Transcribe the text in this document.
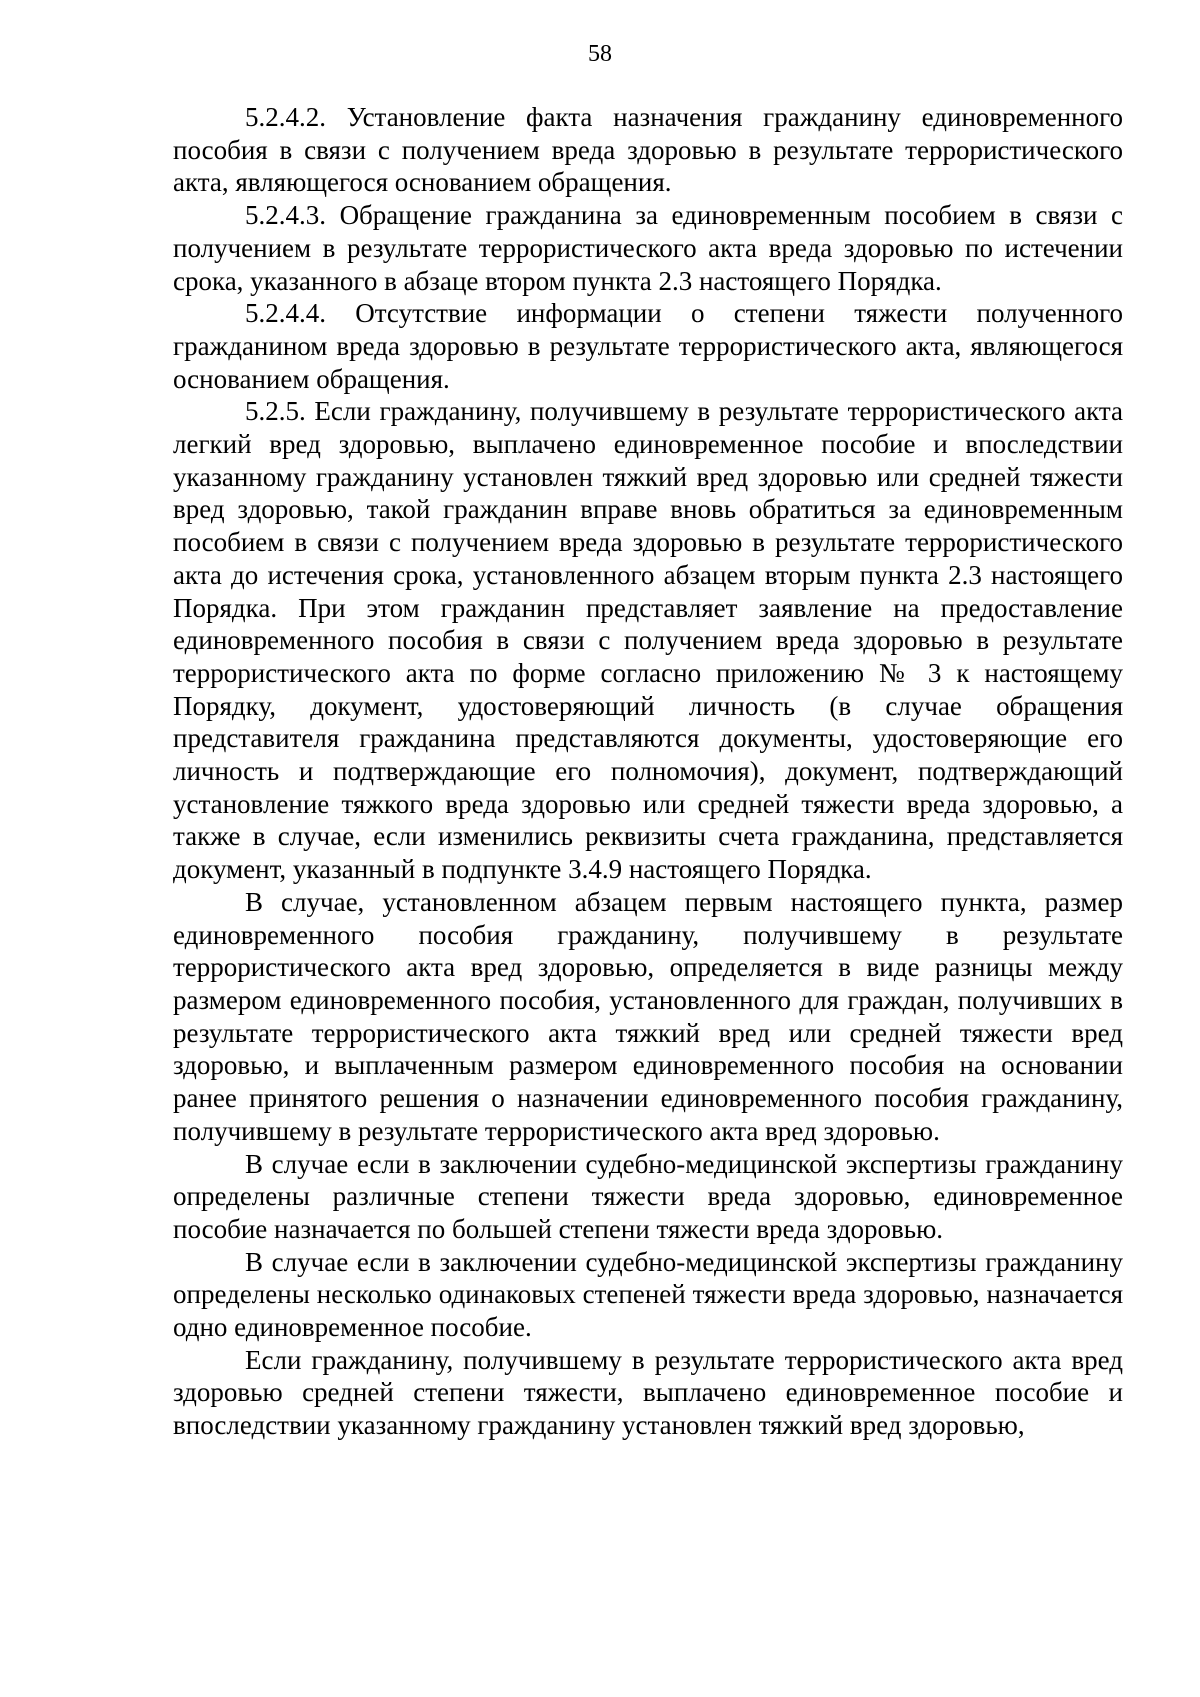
58

5.2.4.2. Установление факта назначения гражданину единовременного пособия в связи с получением вреда здоровью в результате террористического акта, являющегося основанием обращения.

5.2.4.3. Обращение гражданина за единовременным пособием в связи с получением в результате террористического акта вреда здоровью по истечении срока, указанного в абзаце втором пункта 2.3 настоящего Порядка.

5.2.4.4. Отсутствие информации о степени тяжести полученного гражданином вреда здоровью в результате террористического акта, являющегося основанием обращения.

5.2.5. Если гражданину, получившему в результате террористического акта легкий вред здоровью, выплачено единовременное пособие и впоследствии указанному гражданину установлен тяжкий вред здоровью или средней тяжести вред здоровью, такой гражданин вправе вновь обратиться за единовременным пособием в связи с получением вреда здоровью в результате террористического акта до истечения срока, установленного абзацем вторым пункта 2.3 настоящего Порядка. При этом гражданин представляет заявление на предоставление единовременного пособия в связи с получением вреда здоровью в результате террористического акта по форме согласно приложению № 3 к настоящему Порядку, документ, удостоверяющий личность (в случае обращения представителя гражданина представляются документы, удостоверяющие его личность и подтверждающие его полномочия), документ, подтверждающий установление тяжкого вреда здоровью или средней тяжести вреда здоровью, а также в случае, если изменились реквизиты счета гражданина, представляется документ, указанный в подпункте 3.4.9 настоящего Порядка.

В случае, установленном абзацем первым настоящего пункта, размер единовременного пособия гражданину, получившему в результате террористического акта вред здоровью, определяется в виде разницы между размером единовременного пособия, установленного для граждан, получивших в результате террористического акта тяжкий вред или средней тяжести вред здоровью, и выплаченным размером единовременного пособия на основании ранее принятого решения о назначении единовременного пособия гражданину, получившему в результате террористического акта вред здоровью.

В случае если в заключении судебно-медицинской экспертизы гражданину определены различные степени тяжести вреда здоровью, единовременное пособие назначается по большей степени тяжести вреда здоровью.

В случае если в заключении судебно-медицинской экспертизы гражданину определены несколько одинаковых степеней тяжести вреда здоровью, назначается одно единовременное пособие.

Если гражданину, получившему в результате террористического акта вред здоровью средней степени тяжести, выплачено единовременное пособие и впоследствии указанному гражданину установлен тяжкий вред здоровью,
